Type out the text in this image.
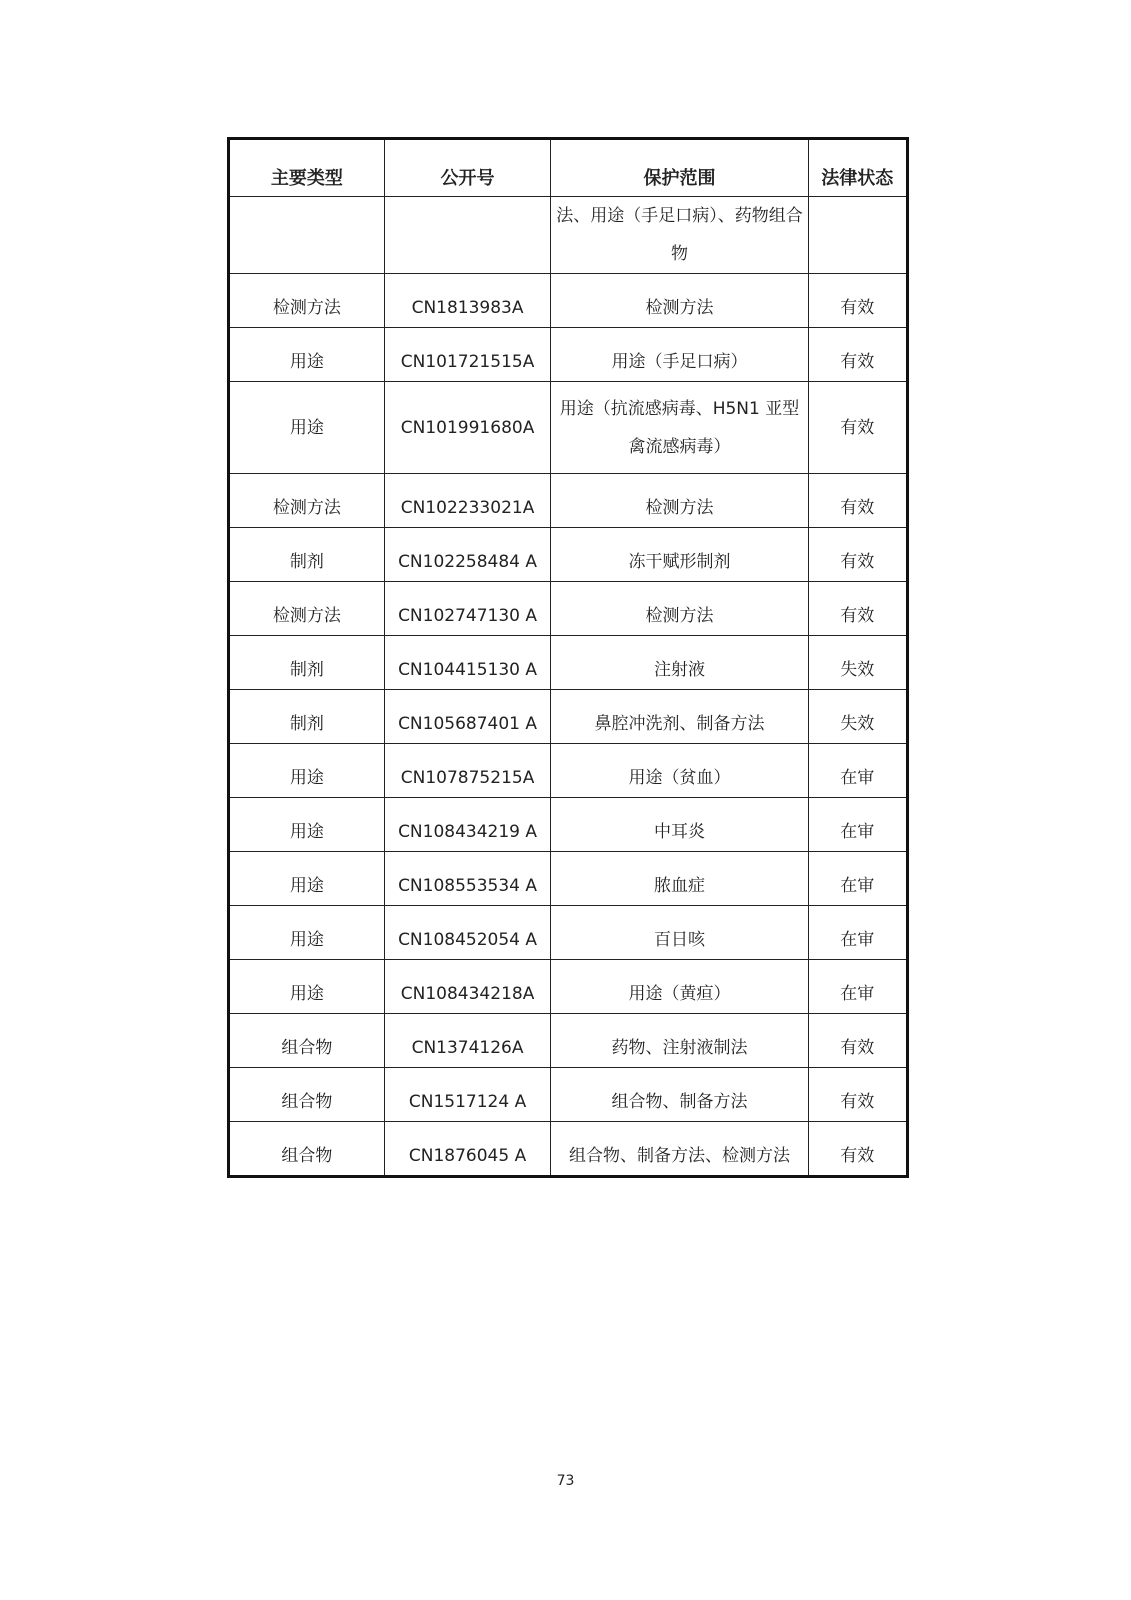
主要类型	公开号	保护范围	法律状态
		法、用途（手足口病）、药物组合物	
检测方法	CN1813983A	检测方法	有效
用途	CN101721515A	用途（手足口病）	有效
用途	CN101991680A	用途（抗流感病毒、H5N1 亚型禽流感病毒）	有效
检测方法	CN102233021A	检测方法	有效
制剂	CN102258484 A	冻干赋形制剂	有效
检测方法	CN102747130 A	检测方法	有效
制剂	CN104415130 A	注射液	失效
制剂	CN105687401 A	鼻腔冲洗剂、制备方法	失效
用途	CN107875215A	用途（贫血）	在审
用途	CN108434219 A	中耳炎	在审
用途	CN108553534 A	脓血症	在审
用途	CN108452054 A	百日咳	在审
用途	CN108434218A	用途（黄疸）	在审
组合物	CN1374126A	药物、注射液制法	有效
组合物	CN1517124 A	组合物、制备方法	有效
组合物	CN1876045 A	组合物、制备方法、检测方法	有效
73
